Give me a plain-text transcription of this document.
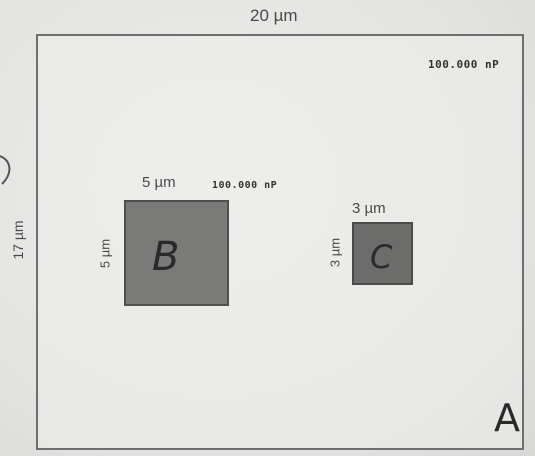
20 µm
17 µm
100.000 nP
5 µm	100.000 nP
5 µm B
3 µm
3 µm C
A
